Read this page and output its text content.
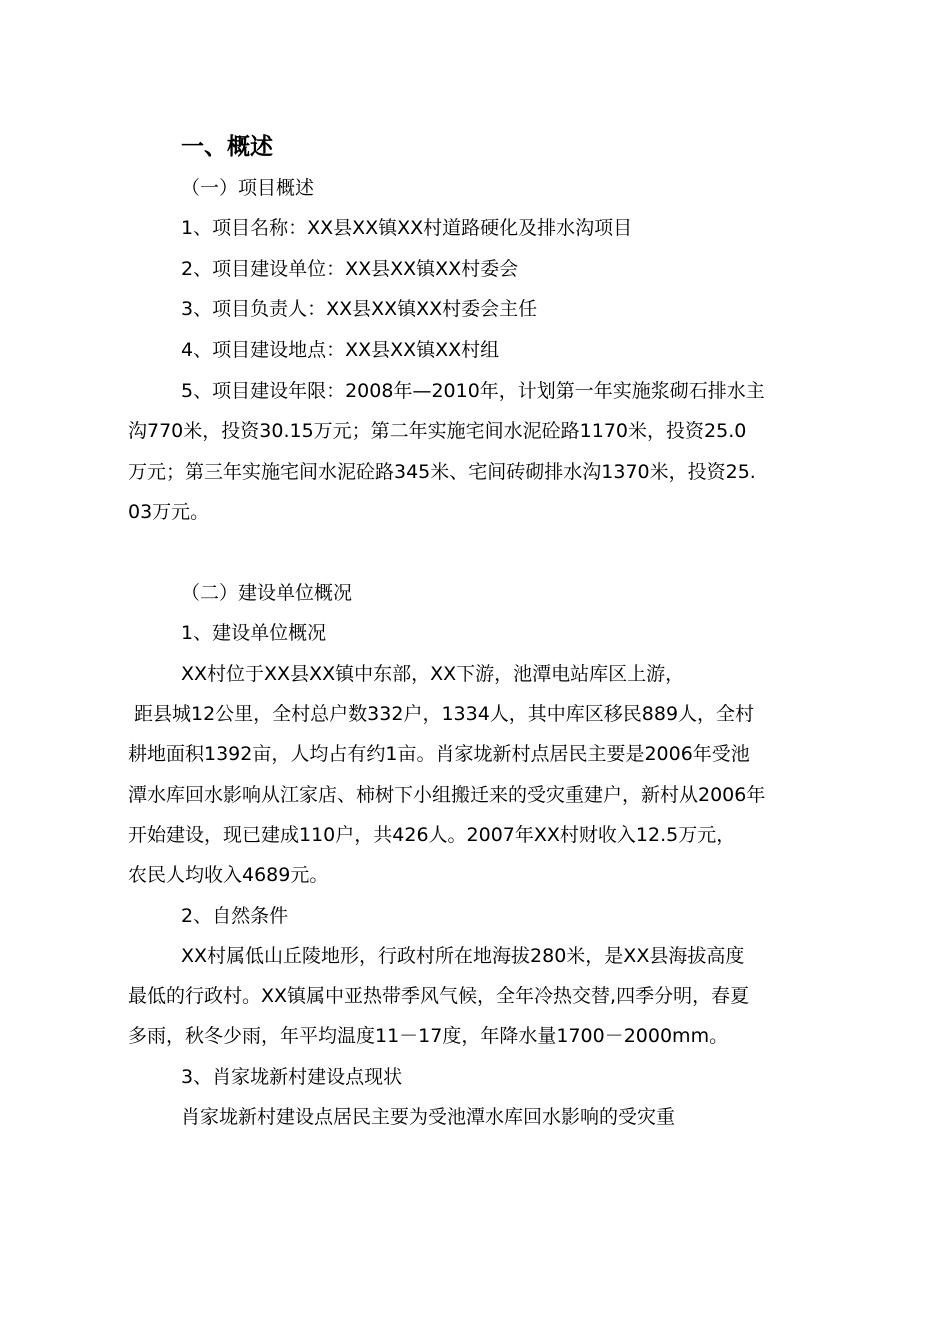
一、概述

（一）项目概述

1、项目名称：XX县XX镇XX村道路硬化及排水沟项目

2、项目建设单位：XX县XX镇XX村委会

3、项目负责人：XX县XX镇XX村委会主任

4、项目建设地点：XX县XX镇XX村组

5、项目建设年限：2008年—2010年，计划第一年实施浆砌石排水主

沟770米，投资30.15万元；第二年实施宅间水泥砼路1170米，投资25.0

万元；第三年实施宅间水泥砼路345米、宅间砖砌排水沟1370米，投资25.

03万元。

（二）建设单位概况

1、建设单位概况

XX村位于XX县XX镇中东部，XX下游，池潭电站库区上游，

距县城12公里，全村总户数332户，1334人，其中库区移民889人，全村

耕地面积1392亩，人均占有约1亩。肖家垅新村点居民主要是2006年受池

潭水库回水影响从江家店、柿树下小组搬迁来的受灾重建户，新村从2006年

开始建设，现已建成110户，共426人。2007年XX村财收入12.5万元，

农民人均收入4689元。

2、自然条件

XX村属低山丘陵地形，行政村所在地海拔280米，是XX县海拔高度

最低的行政村。XX镇属中亚热带季风气候，全年冷热交替,四季分明，春夏

多雨，秋冬少雨，年平均温度11－17度，年降水量1700－2000mm。

3、肖家垅新村建设点现状

肖家垅新村建设点居民主要为受池潭水库回水影响的受灾重
